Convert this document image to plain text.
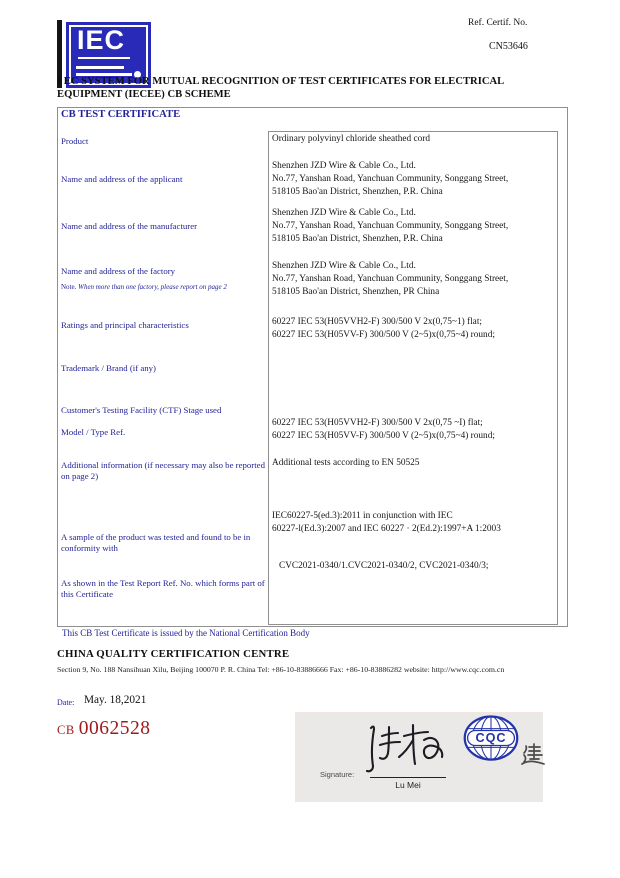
IEC
Ref. Certif. No.
CN53646
I EC SYSTEM FOR MUTUAL RECOGNITION OF TEST CERTIFICATES FOR ELECTRICAL EQUIPMENT (IECEE) CB SCHEME
CB TEST CERTIFICATE
Product
Name and address of the applicant
Name and address of the manufacturer
Name and address of the factory
Note. When more than one factory, please report on page 2
Ratings and principal characteristics
Trademark / Brand (if any)
Customer's Testing Facility (CTF) Stage used
Model / Type Ref.
Additional information (if necessary may also be reported on page 2)
A sample of the product was tested and found to be in conformity with
As shown in the Test Report Ref. No. which forms part of this Certificate
Ordinary polyvinyl chloride sheathed cord
Shenzhen JZD Wire & Cable Co., Ltd.
No.77, Yanshan Road, Yanchuan Community, Songgang Street,
518105 Bao'an District, Shenzhen, P.R. China
Shenzhen JZD Wire & Cable Co., Ltd.
No.77, Yanshan Road, Yanchuan Community, Songgang Street,
518105 Bao'an District, Shenzhen, P.R. China
Shenzhen JZD Wire & Cable Co., Ltd.
No.77, Yanshan Road, Yanchuan Community, Songgang Street,
518105 Bao'an District, Shenzhen, PR China
60227 IEC 53(H05VVH2-F) 300/500 V 2x(0,75~1) flat;
60227 IEC 53(H05VV-F) 300/500 V (2~5)x(0,75~4) round;
60227 IEC 53(H05VVH2-F) 300/500 V 2x(0,75 ~I) flat;
60227 IEC 53(H05VV-F) 300/500 V (2~5)x(0,75~4) round;
Additional tests according to EN 50525
IEC60227-5(ed.3):2011 in conjunction with IEC
60227-l(Ed.3):2007 and IEC 60227 · 2(Ed.2):1997+A 1:2003
CVC2021-0340/1.CVC2021-0340/2, CVC2021-0340/3;
This CB Test Certificate is issued by the National Certification Body
CHINA QUALITY CERTIFICATION CENTRE
Section 9, No. 188 Nansihuan Xilu, Beijing 100070 P. R. China Tel: +86-10-83886666 Fax: +86-10-83886282 website: http://www.cqc.com.cn
Date: May. 18,2021
CB 0062528	CQC
Signature:
Lu Mei
